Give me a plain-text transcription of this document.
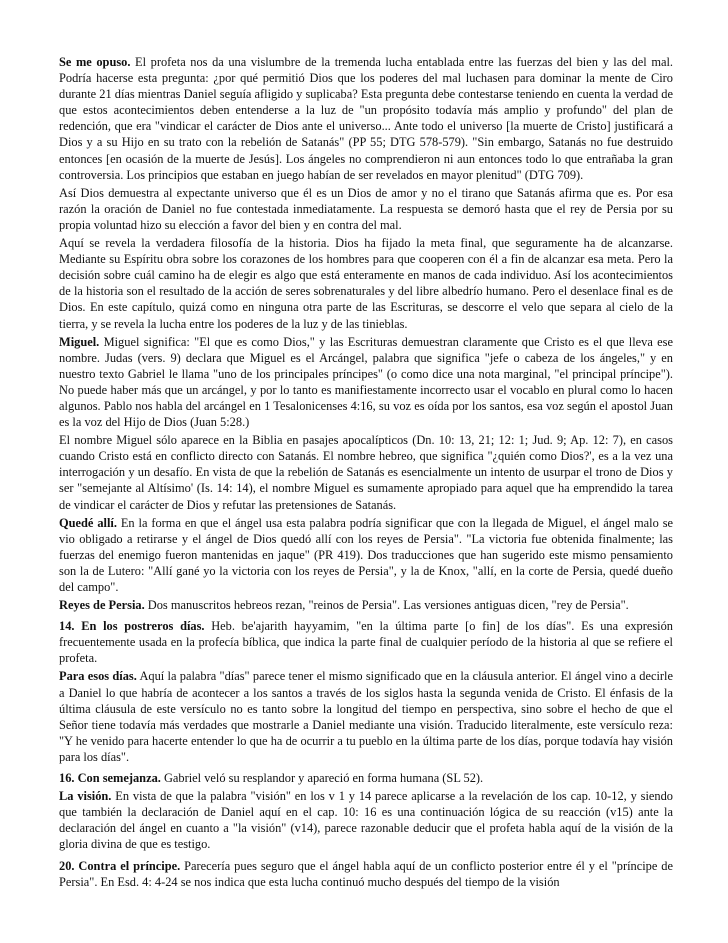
Se me opuso. El profeta nos da una vislumbre de la tremenda lucha entablada entre las fuerzas del bien y las del mal. Podría hacerse esta pregunta: ¿por qué permitió Dios que los poderes del mal luchasen para dominar la mente de Ciro durante 21 días mientras Daniel seguía afligido y suplicaba? Esta pregunta debe contestarse teniendo en cuenta la verdad de que estos acontecimientos deben entenderse a la luz de "un propósito todavía más amplio y profundo" del plan de redención, que era "vindicar el carácter de Dios ante el universo... Ante todo el universo [la muerte de Cristo] justificará a Dios y a su Hijo en su trato con la rebelión de Satanás" (PP 55; DTG 578-579). "Sin embargo, Satanás no fue destruido entonces [en ocasión de la muerte de Jesús]. Los ángeles no comprendieron ni aun entonces todo lo que entrañaba la gran controversia. Los principios que estaban en juego habían de ser revelados en mayor plenitud" (DTG 709).

Así Dios demuestra al expectante universo que él es un Dios de amor y no el tirano que Satanás afirma que es. Por esa razón la oración de Daniel no fue contestada inmediatamente. La respuesta se demoró hasta que el rey de Persia por su propia voluntad hizo su elección a favor del bien y en contra del mal.

Aquí se revela la verdadera filosofía de la historia. Dios ha fijado la meta final, que seguramente ha de alcanzarse. Mediante su Espíritu obra sobre los corazones de los hombres para que cooperen con él a fin de alcanzar esa meta. Pero la decisión sobre cuál camino ha de elegir es algo que está enteramente en manos de cada individuo. Así los acontecimientos de la historia son el resultado de la acción de seres sobrenaturales y del libre albedrío humano. Pero el desenlace final es de Dios. En este capítulo, quizá como en ninguna otra parte de las Escrituras, se descorre el velo que separa al cielo de la tierra, y se revela la lucha entre los poderes de la luz y de las tinieblas.

Miguel. Miguel significa: "El que es como Dios," y las Escrituras demuestran claramente que Cristo es el que lleva ese nombre. Judas (vers. 9) declara que Miguel es el Arcángel, palabra que significa "jefe o cabeza de los ángeles," y en nuestro texto Gabriel le llama "uno de los principales príncipes" (o como dice una nota marginal, "el principal príncipe"). No puede haber más que un arcángel, y por lo tanto es manifiestamente incorrecto usar el vocablo en plural como lo hacen algunos. Pablo nos habla del arcángel en 1 Tesalonicenses 4:16, su voz es oída por los santos, esa voz según el apostol Juan es la voz del Hijo de Dios (Juan 5:28.)

El nombre Miguel sólo aparece en la Biblia en pasajes apocalípticos (Dn. 10: 13, 21; 12: 1; Jud. 9; Ap. 12: 7), en casos cuando Cristo está en conflicto directo con Satanás. El nombre hebreo, que significa "¿quién como Dios?', es a la vez una interrogación y un desafío. En vista de que la rebelión de Satanás es esencialmente un intento de usurpar el trono de Dios y ser "semejante al Altísimo' (Is. 14: 14), el nombre Miguel es sumamente apropiado para aquel que ha emprendido la tarea de vindicar el carácter de Dios y refutar las pretensiones de Satanás.

Quedé allí. En la forma en que el ángel usa esta palabra podría significar que con la llegada de Miguel, el ángel malo se vio obligado a retirarse y el ángel de Dios quedó allí con los reyes de Persia". "La victoria fue obtenida finalmente; las fuerzas del enemigo fueron mantenidas en jaque" (PR 419). Dos traducciones que han sugerido este mismo pensamiento son la de Lutero: "Allí gané yo la victoria con los reyes de Persia", y la de Knox, "allí, en la corte de Persia, quedé dueño del campo".

Reyes de Persia. Dos manuscritos hebreos rezan, "reinos de Persia". Las versiones antiguas dicen, "rey de Persia".

14. En los postreros días. Heb. be'ajarith hayyamim, "en la última parte [o fin] de los días". Es una expresión frecuentemente usada en la profecía bíblica, que indica la parte final de cualquier período de la historia al que se refiere el profeta.

Para esos días. Aquí la palabra "días" parece tener el mismo significado que en la cláusula anterior. El ángel vino a decirle a Daniel lo que habría de acontecer a los santos a través de los siglos hasta la segunda venida de Cristo. El énfasis de la última cláusula de este versículo no es tanto sobre la longitud del tiempo en perspectiva, sino sobre el hecho de que el Señor tiene todavía más verdades que mostrarle a Daniel mediante una visión. Traducido literalmente, este versículo reza: "Y he venido para hacerte entender lo que ha de ocurrir a tu pueblo en la última parte de los días, porque todavía hay visión para los días".

16. Con semejanza. Gabriel veló su resplandor y apareció en forma humana (SL 52).

La visión. En vista de que la palabra "visión" en los v 1 y 14 parece aplicarse a la revelación de los cap. 10-12, y siendo que también la declaración de Daniel aquí en el cap. 10: 16 es una continuación lógica de su reacción (v15) ante la declaración del ángel en cuanto a "la visión" (v14), parece razonable deducir que el profeta habla aquí de la visión de la gloria divina de que es testigo.

20. Contra el príncipe. Parecería pues seguro que el ángel habla aquí de un conflicto posterior entre él y el "príncipe de Persia". En Esd. 4: 4-24 se nos indica que esta lucha continuó mucho después del tiempo de la visión
